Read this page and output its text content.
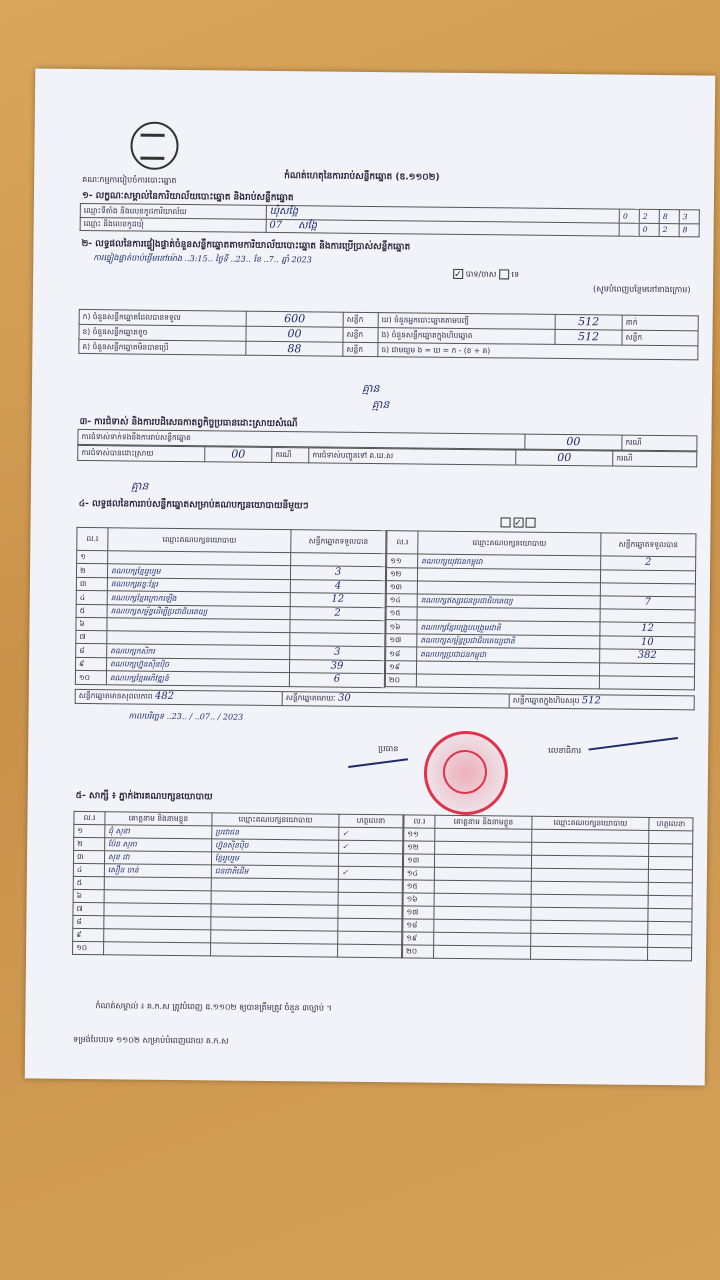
គណៈកម្មការរៀបចំការបោះឆ្នោត	កំណត់ហេតុនៃការរាប់សន្លឹកឆ្នោត (ឌ.១១០២)
១- លក្ខណៈសម្គាល់នៃការិយាល័យបោះឆ្នោត និងរាប់សន្លឹកឆ្នោត
ឈ្មោះទីតាំង និងលេខកូដការិយាល័យ	ឃុំសង្កែ	0	2	8	3
ឈ្មោះ និងលេខកូដឃុំ	07 សង្កែ		0	2	8
២- លទ្ធផលនៃការផ្ទៀងផ្ទាត់ចំនួនសន្លឹកឆ្នោតតាមការិយាល័យបោះឆ្នោត និងការប្រើប្រាស់សន្លឹកឆ្នោត
ការផ្ទៀងផ្ទាត់ចាប់ផ្តើមនៅម៉ោង ..3:15.. ថ្ងៃទី ..23.. ខែ ..7.. ឆ្នាំ 2023
✓ បាទ/ចាស ទេ
(សូមបំពេញបន្ថែមនៅខាងក្រោម)
ក) ចំនួនសន្លឹកឆ្នោតដែលបានទទួល	600	សន្លឹក	ឃ) ចំនួនអ្នកបោះឆ្នោតតាមបញ្ជី	512	នាក់
ខ) ចំនួនសន្លឹកឆ្នោតខូច	00	សន្លឹក	ង) ចំនួនសន្លឹកឆ្នោតក្នុងហិបឆ្នោត	512	សន្លឹក
គ) ចំនួនសន្លឹកឆ្នោតមិនបានប្រើ	88	សន្លឹក	ច) ជាមធ្យម ង = ឃ = ក - (ខ + គ)		
គ្មាន
គ្មាន
៣- ការជំទាស់ និងការបដិសេធកាតព្វកិច្ចប្រធានដោះស្រាយសំណើ
ការជំទាស់ទាក់ទងនឹងការរាប់សន្លឹកឆ្នោត	00	ករណី
ការជំទាស់បានដោះស្រាយ	00	ករណី	ការជំទាស់បញ្ជូនទៅ គ.ឃ.ស	00	ករណី
គ្មាន
៤- លទ្ធផលនៃការរាប់សន្លឹកឆ្នោតសម្រាប់គណបក្សនយោបាយនីមួយៗ
✓
ល.រ	ឈ្មោះគណបក្សនយោបាយ	សន្លឹកឆ្នោតទទួលបាន
១		
២	គណបក្សខ្មែររួបរួម	3
៣	គណបក្សឆន្ទៈខ្មែរ	4
៤	គណបក្សខ្មែរក្រោកឡើង	12
៥	គណបក្សសម្ព័ន្ធដើម្បីប្រជាធិបតេយ្យ	2
៦		
៧		
៨	គណបក្សកសិករ	3
៩	គណបក្សហ្វ៊ុនស៊ិនប៉ិច	39
១០	គណបក្សខ្មែរអភិវឌ្ឍន៍	6
ល.រ	ឈ្មោះគណបក្សនយោបាយ	សន្លឹកឆ្នោតទទួលបាន
១១	គណបក្សយុវជនកម្ពុជា	2
១២		
១៣		
១៤	គណបក្សឥស្សរជនប្រជាធិបតេយ្យ	7
១៥		
១៦	គណបក្សខ្មែរបង្រួបបង្រួមជាតិ	12
១៧	គណបក្សសម្ព័ន្ធប្រជាធិបតេយ្យជាតិ	10
១៨	គណបក្សប្រជាជនកម្ពុជា	382
១៩		
២០		
សន្លឹកឆ្នោតមានសុពលភាព 482	សន្លឹកឆ្នោតមោឃៈ 30	សន្លឹកឆ្នោតក្នុងហិបសរុប 512
កាលបរិច្ឆេទ ..23.. / ..07.. / 2023
ប្រធាន	លេខាធិការ
៥- សាក្សី ៖ ភ្នាក់ងារគណបក្សនយោបាយ
ល.រ	គោត្តនាម និងនាមខ្លួន	ឈ្មោះគណបក្សនយោបាយ	ហត្ថលេខា
១	ជុំ សុខា	ប្រជាជន	✓
២	ប៉ែន សុភា	ហ្វ៊ុនស៊ិនប៉ិច	✓
៣	សុខ ជា	ខ្មែររួបរួម	
៤	សឿន ចាន់	ជនជាតិដើម	✓
៥			
៦			
៧			
៨			
៩			
១០			
ល.រ	គោត្តនាម និងនាមខ្លួន	ឈ្មោះគណបក្សនយោបាយ	ហត្ថលេខា
១១			
១២			
១៣			
១៤			
១៥			
១៦			
១៧			
១៨			
១៩			
២០			
កំណត់សម្គាល់ ៖ គ.ក.ស ត្រូវបំពេញ ឌ.១១០២ ឲ្យបានត្រឹមត្រូវ ចំនួន ៣ច្បាប់ ។
ទម្រង់បែបបទ ១១០២ សម្រាប់បំពេញដោយ គ.ក.ស
